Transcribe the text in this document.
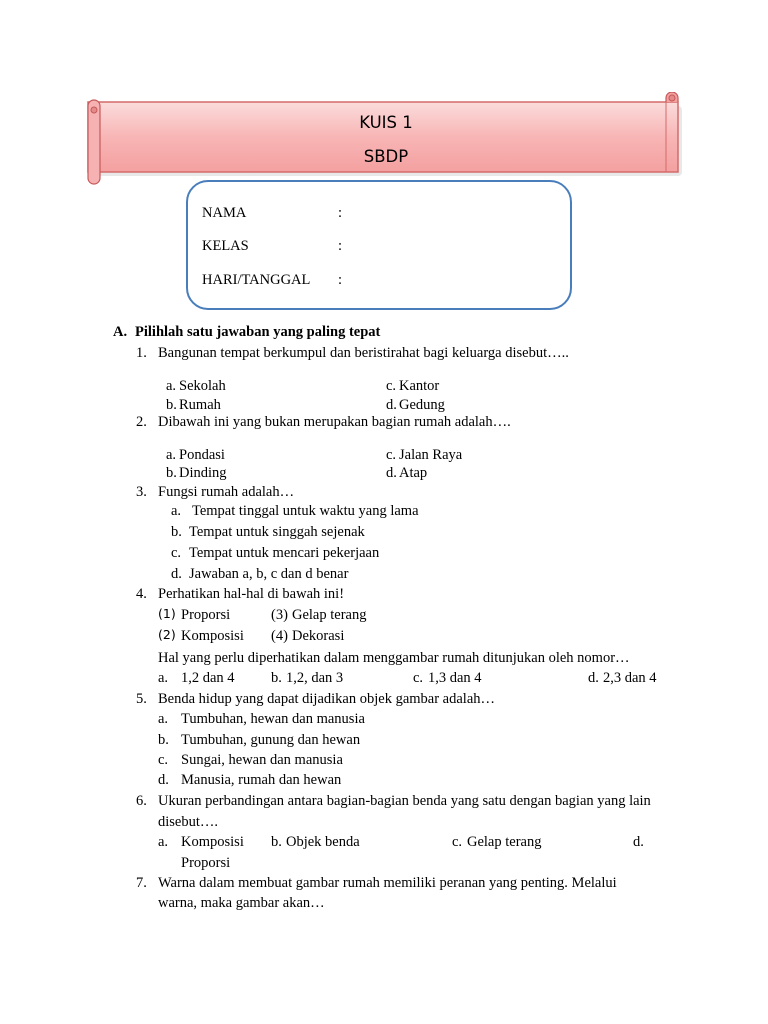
KUIS 1
SBDP
NAMA	:
KELAS	:
HARI/TANGGAL :
A. Pilihlah satu jawaban yang paling tepat
1. Bangunan tempat berkumpul dan beristirahat bagi keluarga disebut…..
a. Sekolah	c. Kantor
b. Rumah	d. Gedung
2. Dibawah ini yang bukan merupakan bagian rumah adalah….
a. Pondasi	c. Jalan Raya
b. Dinding	d. Atap
3. Fungsi rumah adalah…
a. Tempat tinggal untuk waktu yang lama
b. Tempat untuk singgah sejenak
c. Tempat untuk mencari pekerjaan
d. Jawaban a, b, c dan d benar
4. Perhatikan hal-hal di bawah ini!
(1) Proporsi	(3) Gelap terang
(2) Komposisi (4) Dekorasi
Hal yang perlu diperhatikan dalam menggambar rumah ditunjukan oleh nomor…
a. 1,2 dan 4	b. 1,2, dan 3	c. 1,3 dan 4	d. 2,3 dan 4
5. Benda hidup yang dapat dijadikan objek gambar adalah…
a. Tumbuhan, hewan dan manusia
b. Tumbuhan, gunung dan hewan
c. Sungai, hewan dan manusia
d. Manusia, rumah dan hewan
6. Ukuran perbandingan antara bagian-bagian benda yang satu dengan bagian yang lain
disebut….
a. Komposisi b. Objek benda	c. Gelap terang	d.
Proporsi
7. Warna dalam membuat gambar rumah memiliki peranan yang penting. Melalui
warna, maka gambar akan…
